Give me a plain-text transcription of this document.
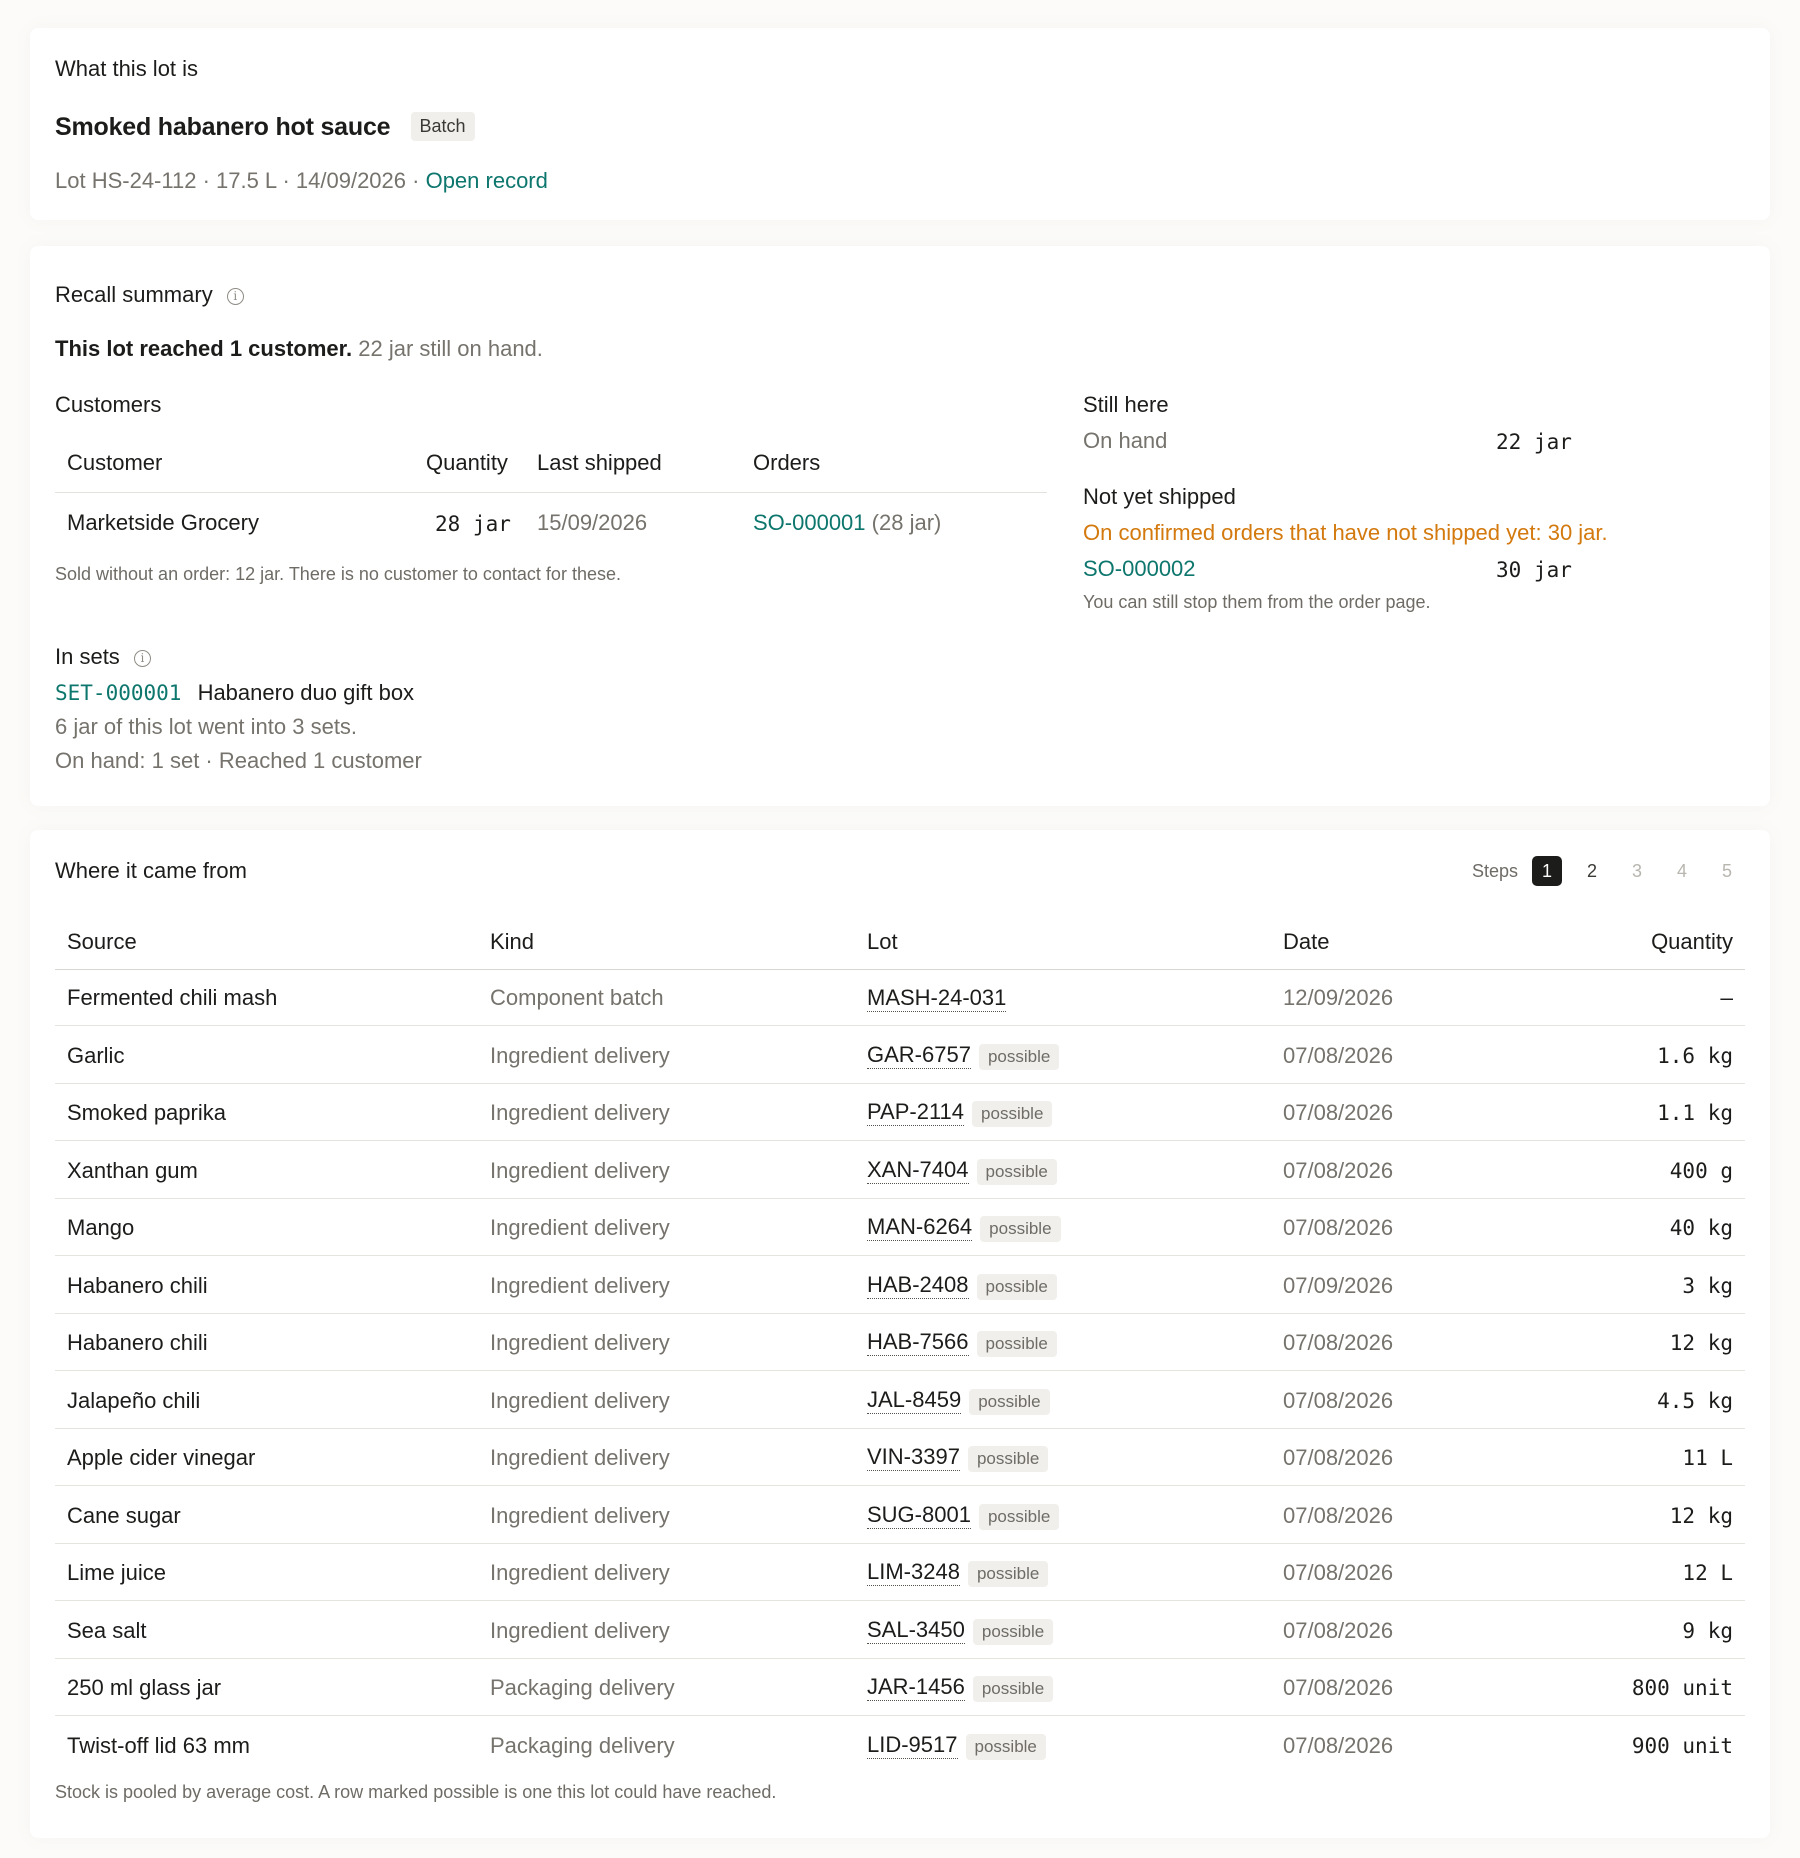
What this lot is
Smoked habanero hot sauce Batch
Lot HS-24-112 · 17.5 L · 14/09/2026 · Open record
Recall summary i
This lot reached 1 customer. 22 jar still on hand.
Customers
Customer	Quantity Last shipped	Orders
Marketside Grocery	28 jar 15/09/2026	SO-000001 (28 jar)
Sold without an order: 12 jar. There is no customer to contact for these.
Still here
On hand	22 jar
Not yet shipped
On confirmed orders that have not shipped yet: 30 jar.
SO-000002	30 jar
You can still stop them from the order page.
In sets i
SET-000001 Habanero duo gift box
6 jar of this lot went into 3 sets.
On hand: 1 set · Reached 1 customer
Where it came from	Steps	1	2	3	4	5
Source	Kind	Lot	Date	Quantity
Fermented chili mash	Component batch	MASH-24-031	12/09/2026	–
Garlic	Ingredient delivery	GAR-6757 possible	07/08/2026	1.6 kg
Smoked paprika	Ingredient delivery	PAP-2114 possible	07/08/2026	1.1 kg
Xanthan gum	Ingredient delivery	XAN-7404 possible	07/08/2026	400 g
Mango	Ingredient delivery	MAN-6264 possible	07/08/2026	40 kg
Habanero chili	Ingredient delivery	HAB-2408 possible	07/09/2026	3 kg
Habanero chili	Ingredient delivery	HAB-7566 possible	07/08/2026	12 kg
Jalapeño chili	Ingredient delivery	JAL-8459 possible	07/08/2026	4.5 kg
Apple cider vinegar	Ingredient delivery	VIN-3397 possible	07/08/2026	11 L
Cane sugar	Ingredient delivery	SUG-8001 possible	07/08/2026	12 kg
Lime juice	Ingredient delivery	LIM-3248 possible	07/08/2026	12 L
Sea salt	Ingredient delivery	SAL-3450 possible	07/08/2026	9 kg
250 ml glass jar	Packaging delivery	JAR-1456 possible	07/08/2026	800 unit
Twist-off lid 63 mm	Packaging delivery	LID-9517 possible	07/08/2026	900 unit
Stock is pooled by average cost. A row marked possible is one this lot could have reached.
